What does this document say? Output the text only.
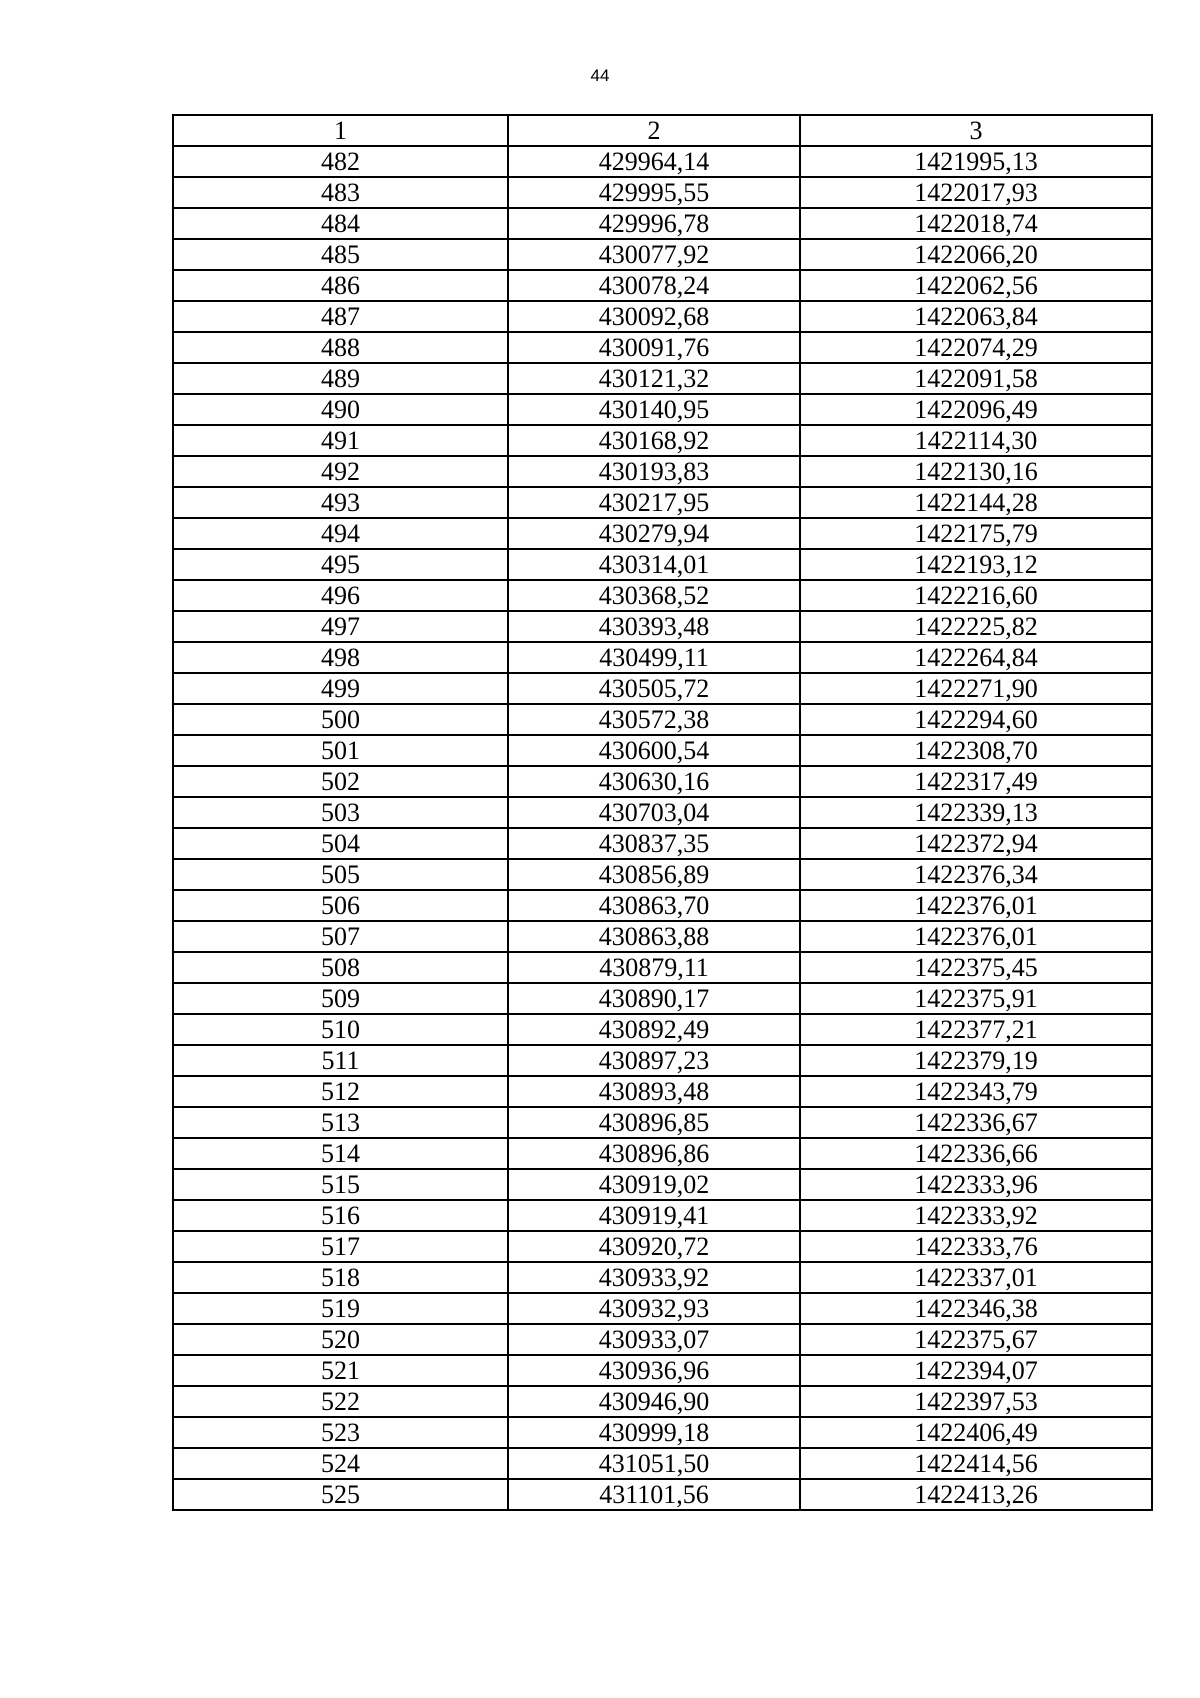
44
1	2	3
482	429964,14	1421995,13
483	429995,55	1422017,93
484	429996,78	1422018,74
485	430077,92	1422066,20
486	430078,24	1422062,56
487	430092,68	1422063,84
488	430091,76	1422074,29
489	430121,32	1422091,58
490	430140,95	1422096,49
491	430168,92	1422114,30
492	430193,83	1422130,16
493	430217,95	1422144,28
494	430279,94	1422175,79
495	430314,01	1422193,12
496	430368,52	1422216,60
497	430393,48	1422225,82
498	430499,11	1422264,84
499	430505,72	1422271,90
500	430572,38	1422294,60
501	430600,54	1422308,70
502	430630,16	1422317,49
503	430703,04	1422339,13
504	430837,35	1422372,94
505	430856,89	1422376,34
506	430863,70	1422376,01
507	430863,88	1422376,01
508	430879,11	1422375,45
509	430890,17	1422375,91
510	430892,49	1422377,21
511	430897,23	1422379,19
512	430893,48	1422343,79
513	430896,85	1422336,67
514	430896,86	1422336,66
515	430919,02	1422333,96
516	430919,41	1422333,92
517	430920,72	1422333,76
518	430933,92	1422337,01
519	430932,93	1422346,38
520	430933,07	1422375,67
521	430936,96	1422394,07
522	430946,90	1422397,53
523	430999,18	1422406,49
524	431051,50	1422414,56
525	431101,56	1422413,26
